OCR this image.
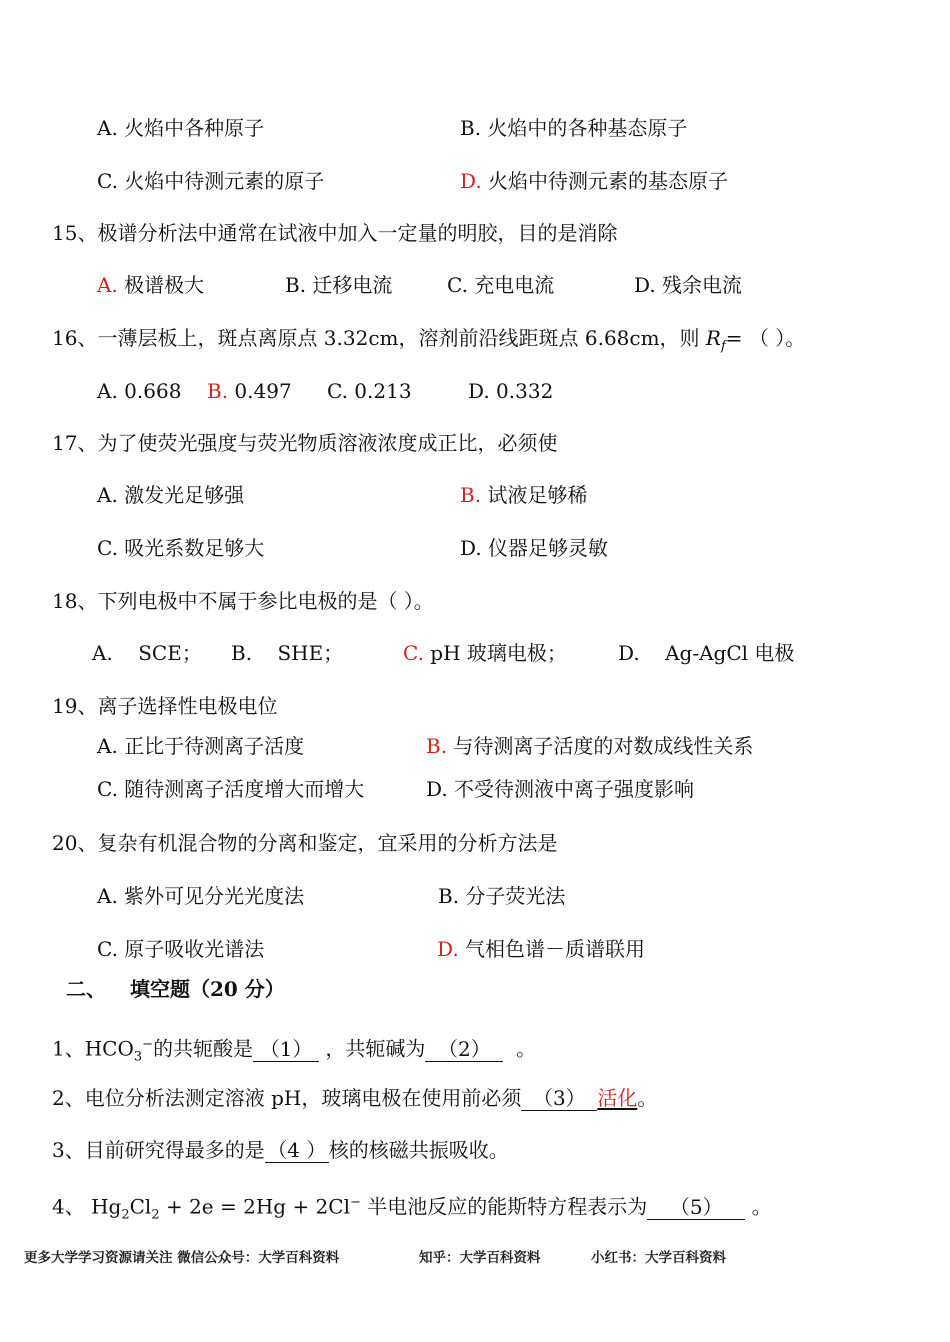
A. 火焰中各种原子	B. 火焰中的各种基态原子
C. 火焰中待测元素的原子	D. 火焰中待测元素的基态原子
15、极谱分析法中通常在试液中加入一定量的明胶，目的是消除
A. 极谱极大	B. 迁移电流	C. 充电电流	D. 残余电流
16、一薄层板上，斑点离原点 3.32cm，溶剂前沿线距斑点 6.68cm，则 $R_f=$ （ ）。
A. 0.668 B. 0.497 C. 0.213	D. 0.332
17、为了使荧光强度与荧光物质溶液浓度成正比，必须使
A. 激发光足够强	B. 试液足够稀
C. 吸光系数足够大	D. 仪器足够灵敏
18、下列电极中不属于参比电极的是（ ）。
A.    SCE； B.    SHE；	C. pH 玻璃电极；	D.    Ag-AgCl 电极
19、离子选择性电极电位
A. 正比于待测离子活度	B. 与待测离子活度的对数成线性关系
C. 随待测离子活度增大而增大	D. 不受待测液中离子强度影响
20、复杂有机混合物的分离和鉴定，宜采用的分析方法是
A. 紫外可见分光光度法	B. 分子荧光法
C. 原子吸收光谱法	D. 气相色谱－质谱联用
二、 填空题（20 分）
1、$HCO_3^-$的共轭酸是 （1） ，共轭碱为 （2）  。
2、电位分析法测定溶液 pH，玻璃电极在使用前必须 （3） 活化。
3、目前研究得最多的是 （4 ） 核的核磁共振吸收。
4、 $Hg_2Cl_2 + 2e = 2Hg + 2Cl^-$ 半电池反应的能斯特方程表示为 （5） 。
更多大学学习资源请关注 微信公众号：大学百科资料	知乎：大学百科资料	小红书：大学百科资料
